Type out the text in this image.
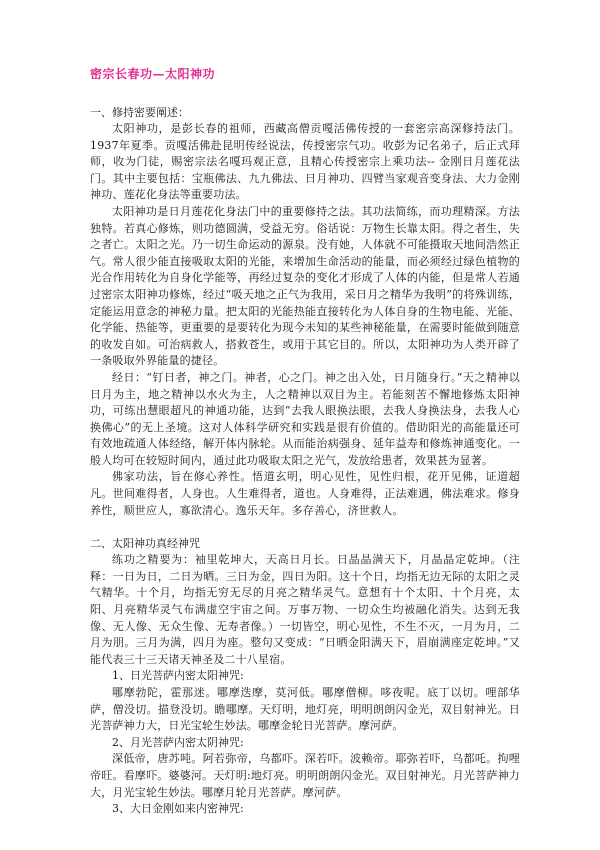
密宗长春功—太阳神功

一、修持密要阐述：

太阳神功，是彭长春的祖师，西藏高僧贡嘎活佛传授的一套密宗高深修持法门。1937年夏季。贡嘎活佛赴昆明传经说法，传授密宗气功。收彭为记名弟子，后正式拜师，收为门徒，赐密宗法名嘎玛观正意，且精心传授密宗上乘功法-- 金刚日月莲花法门。其中主要包括：宝瓶佛法、九九佛法、日月神功、四臂当家观音变身法、大力金刚神功、莲花化身法等重要功法。

太阳神功是日月莲花化身法门中的重要修持之法。其功法简练，而功理精深。方法独特。若真心修炼，则功德圆满，受益无穷。俗话说：万物生长靠太阳。得之者生，失之者亡。太阳之光。乃一切生命运动的源泉。没有她，人体就不可能摄取天地间浩然正气。常人很少能直接吸取太阳的光能，来增加生命活动的能量，而必须经过绿色植物的光合作用转化为自身化学能等，再经过复杂的变化才形成了人体的内能，但是常人若通过密宗太阳神功修炼，经过“吸天地之正气为我用，采日月之精华为我明”的将殊训练，定能运用意念的神秘力量。把太阳的光能热能直接转化为人体自身的生物电能、光能、化学能、热能等，更重要的是要转化为现今未知的某些神秘能量，在需要时能做到随意的收发自如。可治病救人，搭救苍生，或用于其它目的。所以，太阳神功为人类开辟了一条吸取外界能量的捷径。

经日：“钉日者，神之门。神者，心之门。神之出入处，日月随身行。”天之精神以日月为主，地之精神以水火为主，人之精神以双目为主。若能刻苦不懈地修炼太阳神功，可练出慧眼超凡的神通功能，达到“去我人眼换法眼，去我人身换法身，去我人心换佛心”的无上圣境。这对人体科学研究和实践是很有价值的。借助阳光的高能量还可有效地疏通人体经络，解开体内脉轮。从而能治病强身、延年益寿和修炼神通变化。一般人均可在较短时间内，通过此功吸取太阳之光气，发放给患者，效果甚为显著。

佛家功法，旨在修心养性。悟道玄明，明心见性，见性归根，花开见佛，证道超凡。世间难得者，人身也。人生难得者，道也。人身难得，正法难遇，佛法难求。修身养性，顺世应人，寡欲清心。逸乐天年。多存善心，济世救人。

二、太阳神功真经神咒

练功之精要为：袖里乾坤大，天高日月长。日晶晶满天下，月晶晶定乾坤。（注释：一日为日，二日为晒。三日为金，四日为阳。这十个日，均指无边无际的太阳之灵气精华。十个月，均指无穷无尽的月亮之精华灵气。意想有十个太阳、十个月亮，太阳、月亮精华灵气布满虚空宇宙之间。万事万物、一切众生均被融化消失。达到无我像、无人像、无众生像、无寿者像。）一切皆空，明心见性，不生不灭，一月为月，二月为朋。三月为满，四月为座。整句又变成：“日晒金阳满天下，眉崩满座定乾坤。”又能代表三十三天诸天神圣及二十八星宿。

1、日光菩萨内密太阳神咒:

哪摩勃陀，霍那迷。哪摩迭摩，莫河低。哪摩僧柳。哆夜呢。底丁以切。哩部华萨，僧没切。描登没切。瞻哪摩。天灯明，地灯亮，明明朗朗闪金光，双目射神光。日光菩萨神力大，日光宝轮生妙法。哪摩金轮日光菩萨。摩河萨。

2、月光菩萨内密太阴神咒:

深低帝，唐苏吨。阿若弥帝，乌都吓。深若吓。波赖帝。耶弥若吓，乌都吒。拘哩帝旺。看摩吓。婆婆河。天灯明:地灯亮。明明朗朗闪金光。双目射神光。月光菩萨神力大，月光宝轮生妙法。哪摩月轮月光菩萨。摩河萨。

3、大日金刚如来内密神咒:
